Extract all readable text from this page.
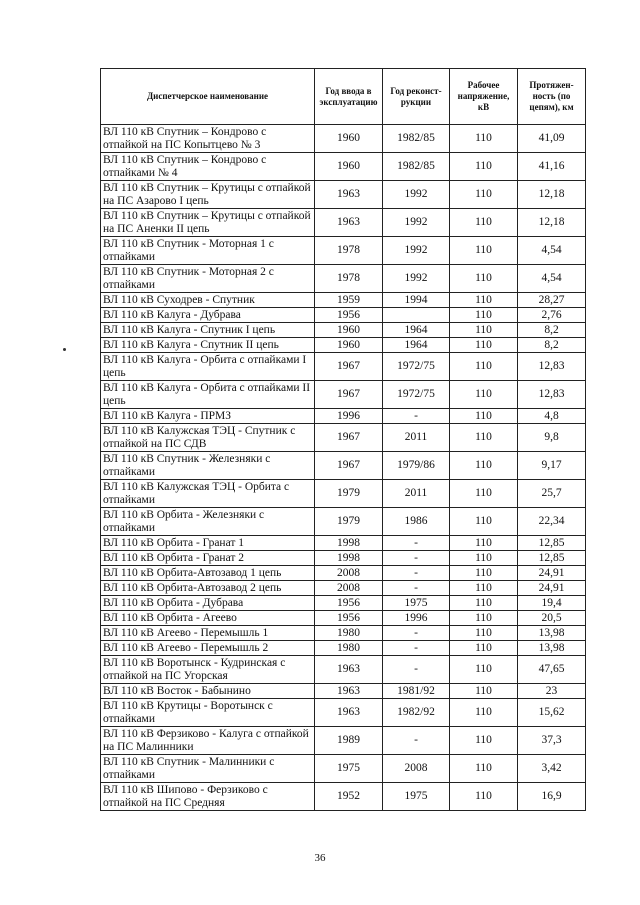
Диспетчерское наименование	Год ввода в эксплуатацию	Год реконст-рукции	Рабочее напряжение, кВ	Протяжен-ность (по цепям), км
ВЛ 110 кВ Спутник – Кондрово с отпайкой на ПС Копытцево № 3	1960	1982/85	110	41,09
ВЛ 110 кВ Спутник – Кондрово с отпайками № 4	1960	1982/85	110	41,16
ВЛ 110 кВ Спутник – Крутицы с отпайкой на ПС Азарово I цепь	1963	1992	110	12,18
ВЛ 110 кВ Спутник – Крутицы с отпайкой на ПС Аненки II цепь	1963	1992	110	12,18
ВЛ 110 кВ Спутник - Моторная 1 с отпайками	1978	1992	110	4,54
ВЛ 110 кВ Спутник - Моторная 2 с отпайками	1978	1992	110	4,54
ВЛ 110 кВ Суходрев - Спутник	1959	1994	110	28,27
ВЛ 110 кВ Калуга - Дубрава	1956		110	2,76
ВЛ 110 кВ Калуга - Спутник I цепь	1960	1964	110	8,2
ВЛ 110 кВ Калуга - Спутник II цепь	1960	1964	110	8,2
ВЛ 110 кВ Калуга - Орбита с отпайками I цепь	1967	1972/75	110	12,83
ВЛ 110 кВ Калуга - Орбита с отпайками II цепь	1967	1972/75	110	12,83
ВЛ 110 кВ Калуга - ПРМЗ	1996	-	110	4,8
ВЛ 110 кВ Калужская ТЭЦ - Спутник с отпайкой на ПС СДВ	1967	2011	110	9,8
ВЛ 110 кВ Спутник - Железняки с отпайками	1967	1979/86	110	9,17
ВЛ 110 кВ Калужская ТЭЦ - Орбита с отпайками	1979	2011	110	25,7
ВЛ 110 кВ Орбита - Железняки с отпайками	1979	1986	110	22,34
ВЛ 110 кВ Орбита - Гранат 1	1998	-	110	12,85
ВЛ 110 кВ Орбита - Гранат 2	1998	-	110	12,85
ВЛ 110 кВ Орбита-Автозавод 1 цепь	2008	-	110	24,91
ВЛ 110 кВ Орбита-Автозавод 2 цепь	2008	-	110	24,91
ВЛ 110 кВ Орбита - Дубрава	1956	1975	110	19,4
ВЛ 110 кВ Орбита - Агеево	1956	1996	110	20,5
ВЛ 110 кВ Агеево - Перемышль 1	1980	-	110	13,98
ВЛ 110 кВ Агеево - Перемышль 2	1980	-	110	13,98
ВЛ 110 кВ Воротынск - Кудринская с отпайкой на ПС Угорская	1963	-	110	47,65
ВЛ 110 кВ Восток - Бабынино	1963	1981/92	110	23
ВЛ 110 кВ Крутицы - Воротынск с отпайками	1963	1982/92	110	15,62
ВЛ 110 кВ Ферзиково - Калуга с отпайкой на ПС Малинники	1989	-	110	37,3
ВЛ 110 кВ Спутник - Малинники с отпайками	1975	2008	110	3,42
ВЛ 110 кВ Шипово - Ферзиково с отпайкой на ПС Средняя	1952	1975	110	16,9
36
